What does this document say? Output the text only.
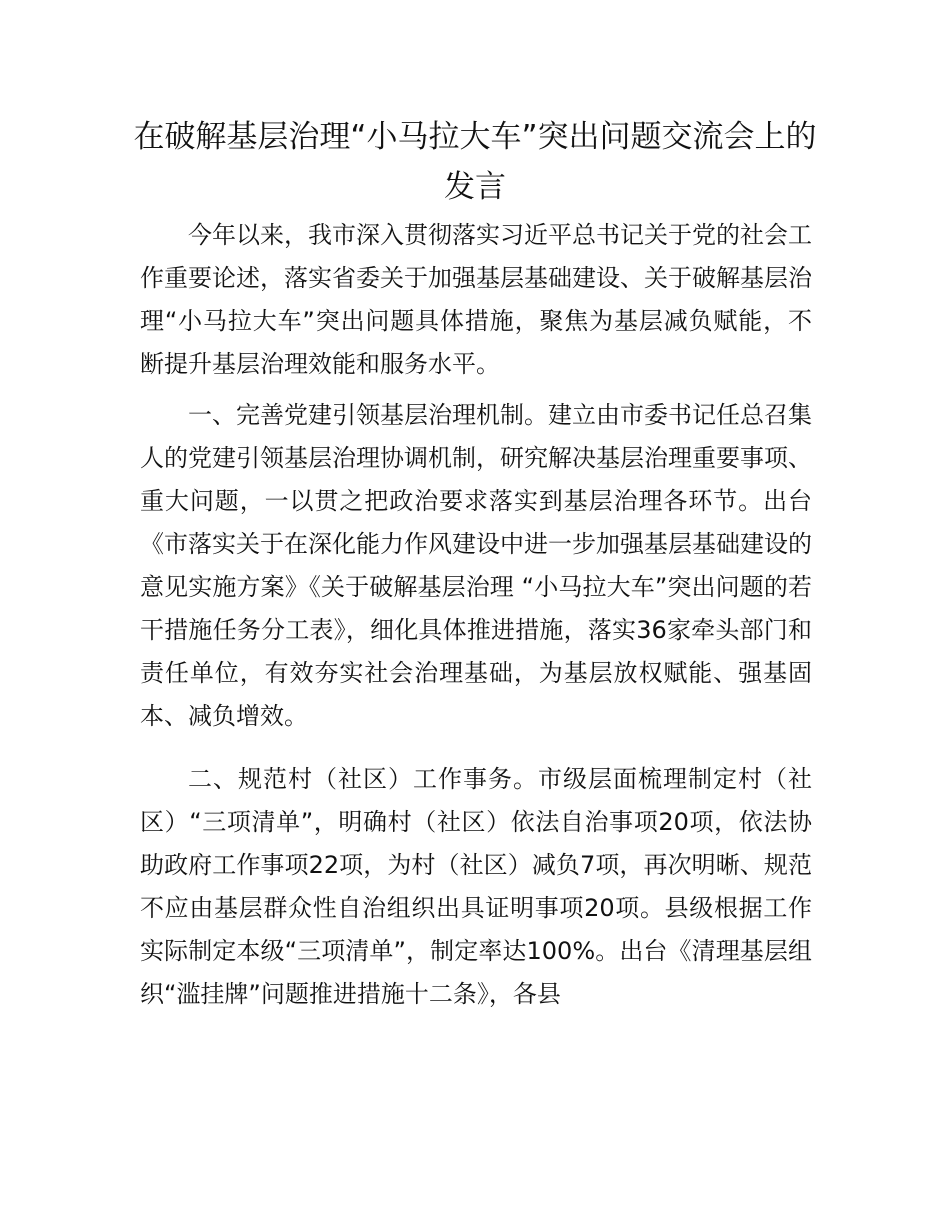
在破解基层治理“小马拉大车”突出问题交流会上的发言

今年以来，我市深入贯彻落实习近平总书记关于党的社会工作重要论述，落实省委关于加强基层基础建设、关于破解基层治理“小马拉大车”突出问题具体措施，聚焦为基层减负赋能，不断提升基层治理效能和服务水平。

一、完善党建引领基层治理机制。建立由市委书记任总召集人的党建引领基层治理协调机制，研究解决基层治理重要事项、重大问题，一以贯之把政治要求落实到基层治理各环节。出台《市落实关于在深化能力作风建设中进一步加强基层基础建设的意见实施方案》《关于破解基层治理 “小马拉大车”突出问题的若干措施任务分工表》，细化具体推进措施，落实36家牵头部门和责任单位，有效夯实社会治理基础，为基层放权赋能、强基固本、减负增效。

二、规范村（社区）工作事务。市级层面梳理制定村（社区）“三项清单”，明确村（社区）依法自治事项20项，依法协助政府工作事项22项，为村（社区）减负7项，再次明晰、规范不应由基层群众性自治组织出具证明事项20项。县级根据工作实际制定本级“三项清单”，制定率达100%。出台《清理基层组织“滥挂牌”问题推进措施十二条》，各县
